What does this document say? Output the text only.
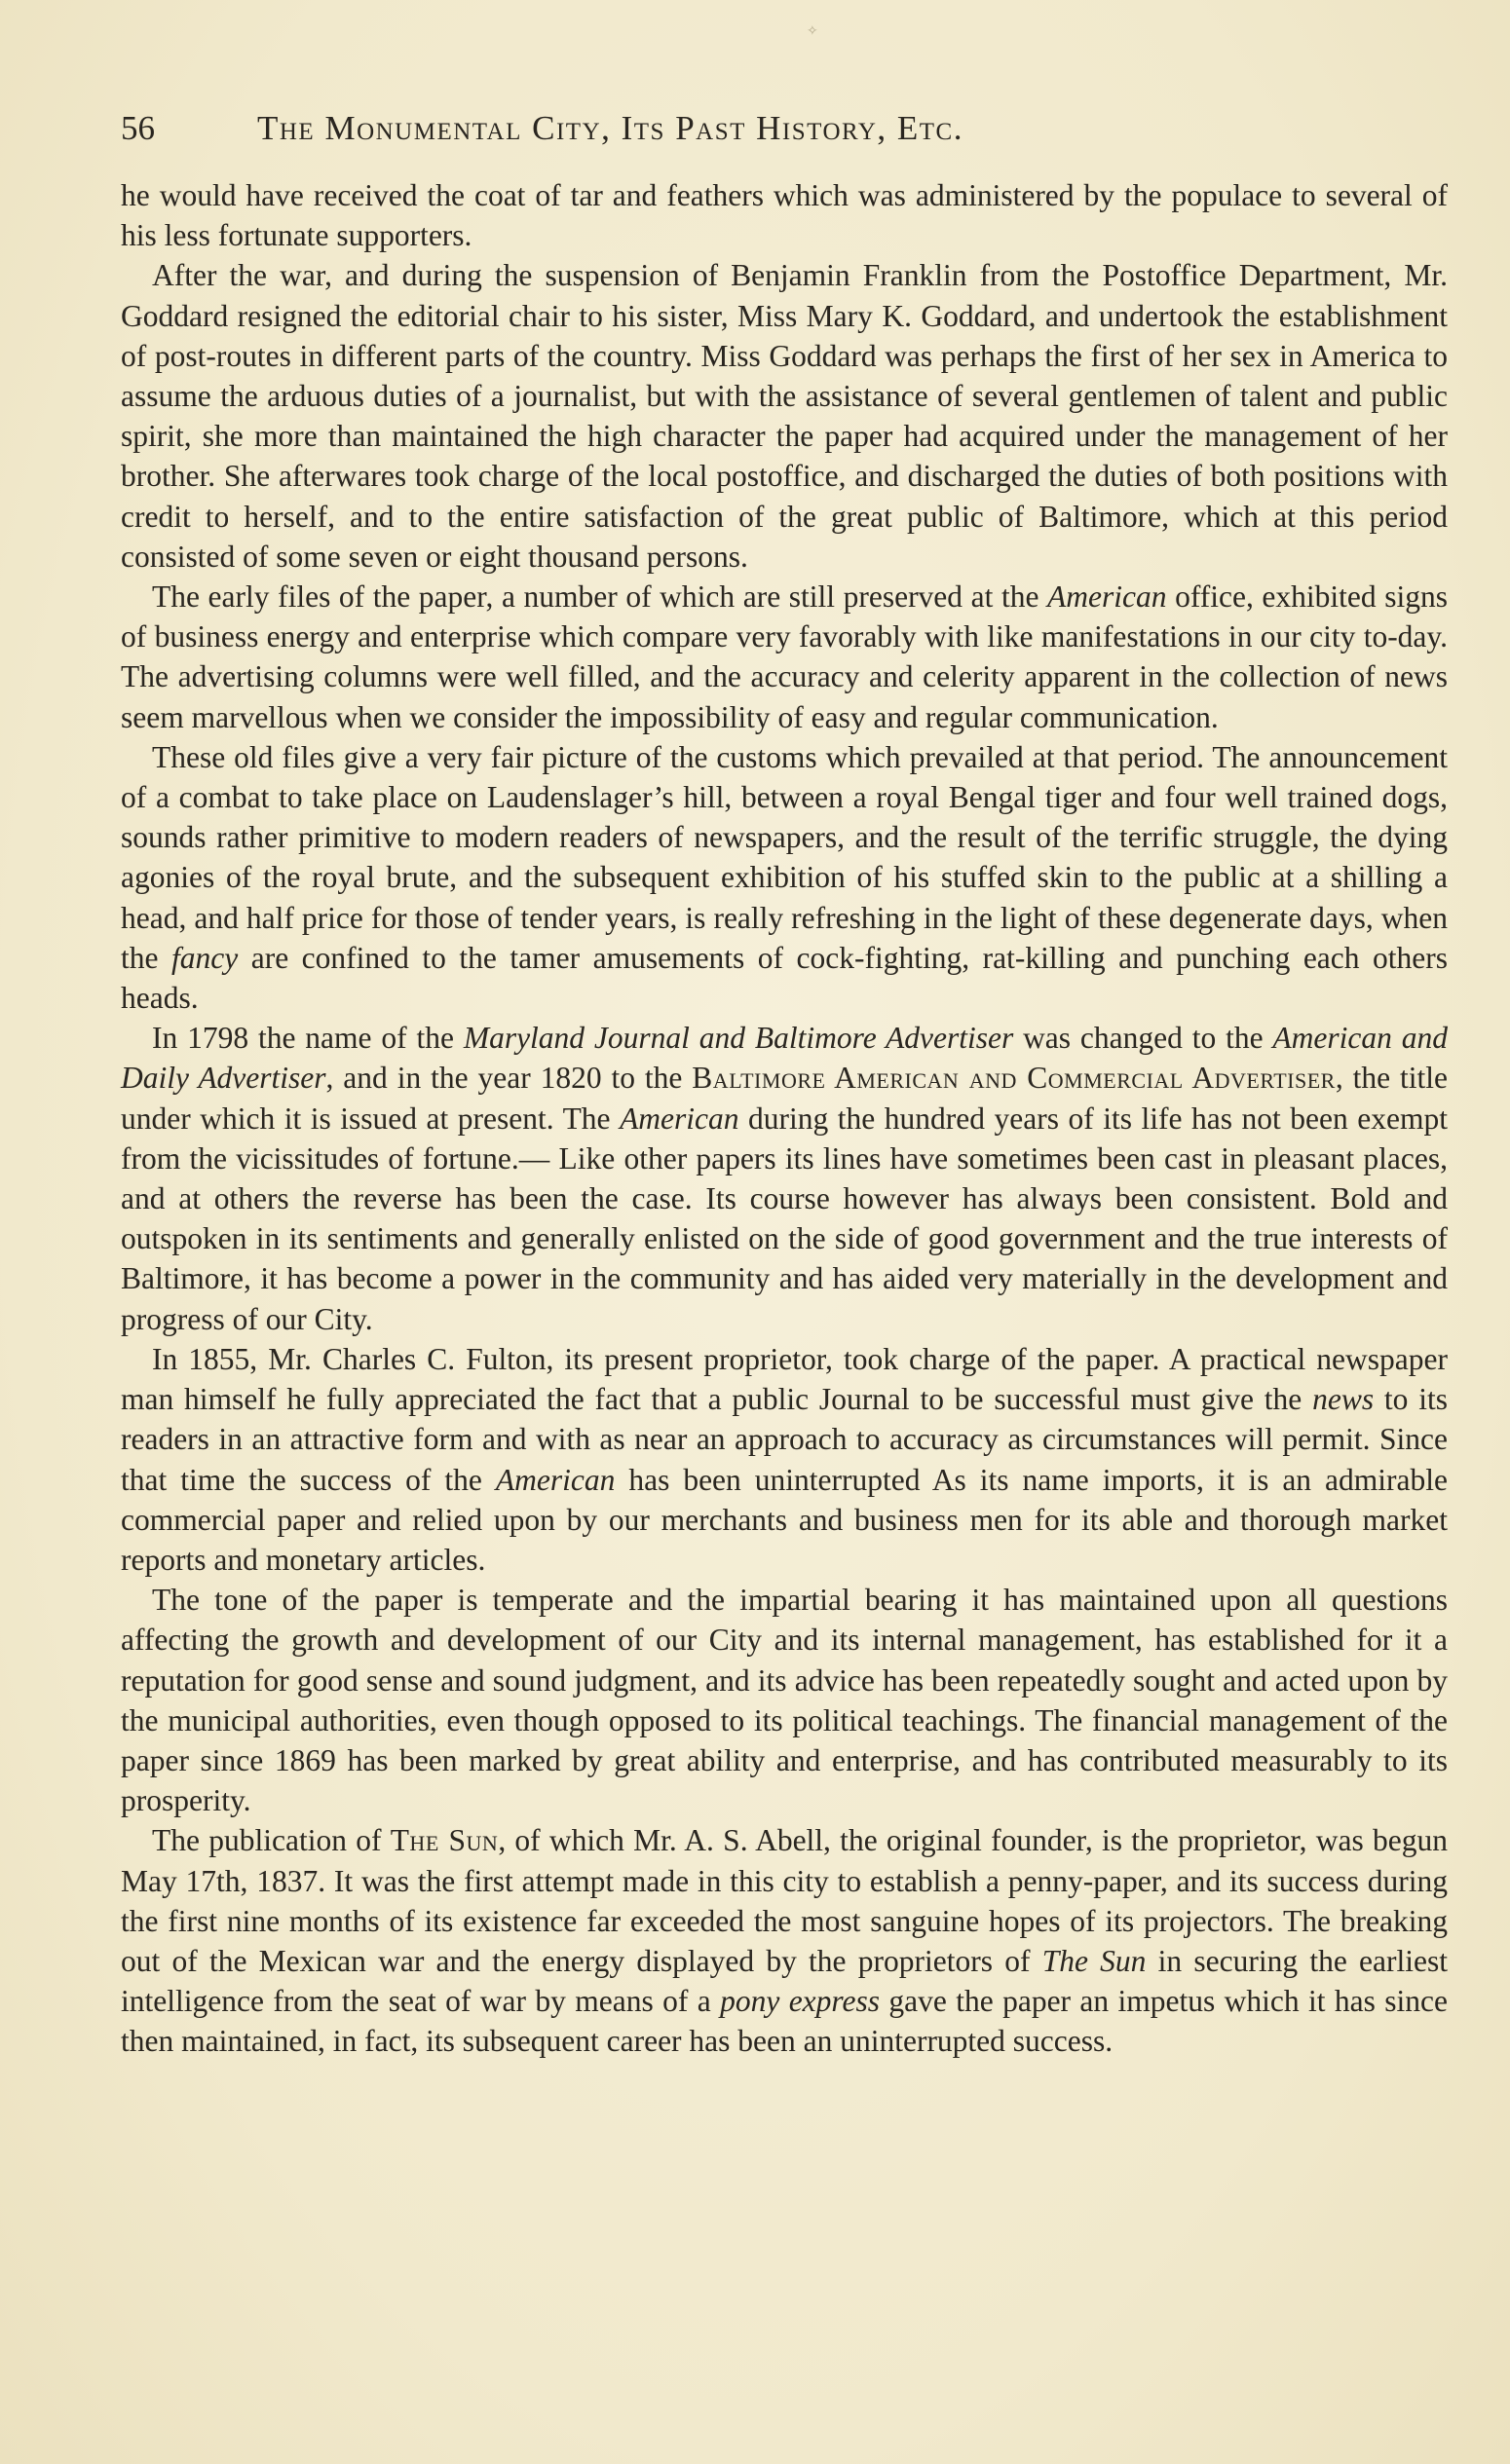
✧
56	The Monumental City, Its Past History, Etc.

he would have received the coat of tar and feathers which was administered by the populace to several of his less fortunate supporters.

After the war, and during the suspension of Benjamin Franklin from the Postoffice Department, Mr. Goddard resigned the editorial chair to his sister, Miss Mary K. Goddard, and undertook the establishment of post-routes in different parts of the country. Miss Goddard was perhaps the first of her sex in America to assume the arduous duties of a journalist, but with the assistance of several gentlemen of talent and public spirit, she more than maintained the high character the paper had acquired under the management of her brother. She afterwares took charge of the local postoffice, and discharged the duties of both positions with credit to herself, and to the entire satisfaction of the great public of Baltimore, which at this period consisted of some seven or eight thousand persons.

The early files of the paper, a number of which are still preserved at the American office, exhibited signs of business energy and enterprise which compare very favorably with like manifestations in our city to-day. The advertising columns were well filled, and the accuracy and celerity apparent in the collection of news seem marvellous when we consider the impossibility of easy and regular communication.

These old files give a very fair picture of the customs which prevailed at that period. The announcement of a combat to take place on Laudenslager’s hill, between a royal Bengal tiger and four well trained dogs, sounds rather primitive to modern readers of newspapers, and the result of the terrific struggle, the dying agonies of the royal brute, and the subsequent exhibition of his stuffed skin to the public at a shilling a head, and half price for those of tender years, is really refreshing in the light of these degenerate days, when the fancy are confined to the tamer amusements of cock-fighting, rat-killing and punching each others heads.

In 1798 the name of the Maryland Journal and Baltimore Advertiser was changed to the American and Daily Advertiser, and in the year 1820 to the Baltimore American and Commercial Advertiser, the title under which it is issued at present. The American during the hundred years of its life has not been exempt from the vicissitudes of fortune.— Like other papers its lines have sometimes been cast in pleasant places, and at others the reverse has been the case. Its course however has always been consistent. Bold and outspoken in its sentiments and generally enlisted on the side of good government and the true interests of Baltimore, it has become a power in the community and has aided very materially in the development and progress of our City.

In 1855, Mr. Charles C. Fulton, its present proprietor, took charge of the paper. A practical newspaper man himself he fully appreciated the fact that a public Journal to be successful must give the news to its readers in an attractive form and with as near an approach to accuracy as circumstances will permit. Since that time the success of the American has been uninterrupted As its name imports, it is an admirable commercial paper and relied upon by our merchants and business men for its able and thorough market reports and monetary articles.

The tone of the paper is temperate and the impartial bearing it has maintained upon all questions affecting the growth and development of our City and its internal management, has established for it a reputation for good sense and sound judgment, and its advice has been repeatedly sought and acted upon by the municipal authorities, even though opposed to its political teachings. The financial management of the paper since 1869 has been marked by great ability and enterprise, and has contributed measurably to its prosperity.

The publication of The Sun, of which Mr. A. S. Abell, the original founder, is the proprietor, was begun May 17th, 1837. It was the first attempt made in this city to establish a penny-paper, and its success during the first nine months of its existence far exceeded the most sanguine hopes of its projectors. The breaking out of the Mexican war and the energy displayed by the proprietors of The Sun in securing the earliest intelligence from the seat of war by means of a pony express gave the paper an impetus which it has since then maintained, in fact, its subsequent career has been an uninterrupted success.
